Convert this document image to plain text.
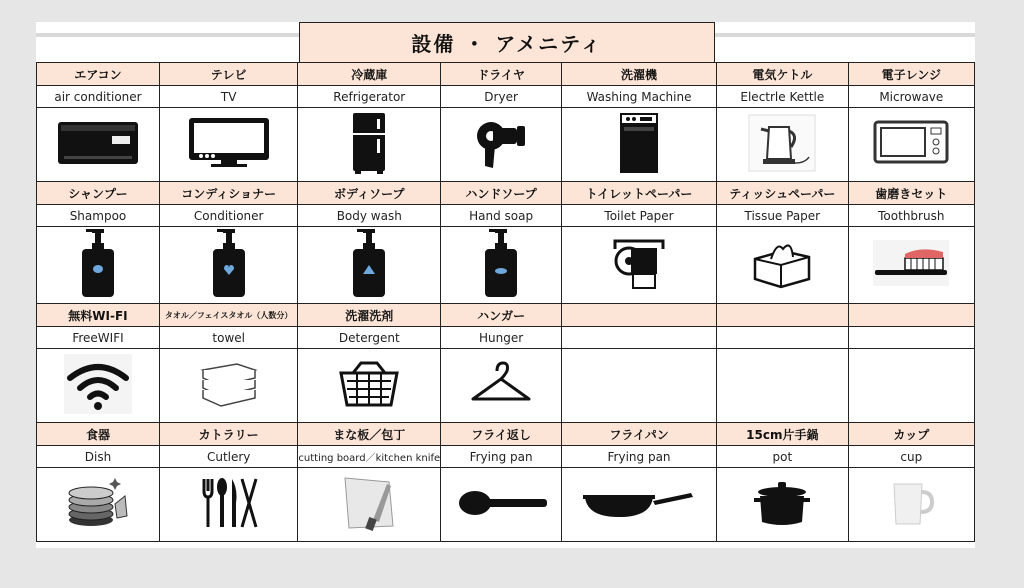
設備 ・ アメニティ
エアコン	テレビ	冷蔵庫	ドライヤ	洗濯機	電気ケトル	電子レンジ
air conditioner	TV	Refrigerator	Dryer	Washing Machine	Electrle Kettle	Microwave

シャンプー	コンディショナー	ボディソープ	ハンドソープ	トイレットペーパー	ティッシュペーパー	歯磨きセット
Shampoo	Conditioner	Body wash	Hand soap	Toilet Paper	Tissue Paper	Toothbrush

無料WI-FI	タオル／フェイスタオル（人数分）	洗濯洗剤	ハンガー			
FreeWIFI	towel	Detergent	Hunger			

食器	カトラリー	まな板／包丁	フライ返し	フライパン	15cm片手鍋	カップ
Dish	Cutlery	cutting board／kitchen knife	Frying pan	Frying pan	pot	cup
